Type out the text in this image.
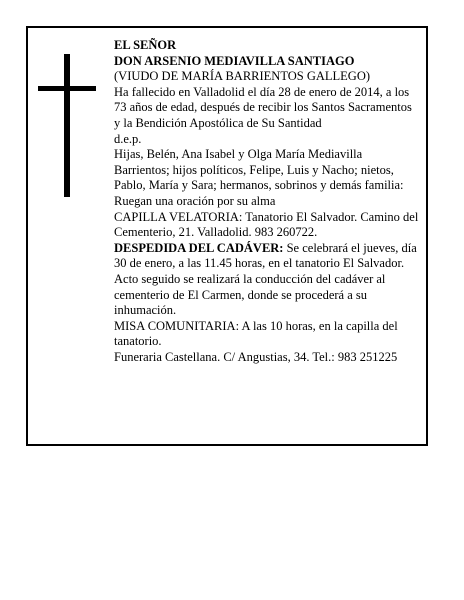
EL SEÑOR

DON ARSENIO MEDIAVILLA SANTIAGO

(VIUDO DE MARÍA BARRIENTOS GALLEGO)

Ha fallecido en Valladolid el día 28 de enero de 2014, a los 73 años de edad, después de recibir los Santos Sacramentos y la Bendición Apostólica de Su Santidad

d.e.p.

Hijas, Belén, Ana Isabel y Olga María Mediavilla Barrientos; hijos políticos, Felipe, Luis y Nacho; nietos, Pablo, María y Sara; hermanos, sobrinos y demás familia:

Ruegan una oración por su alma

CAPILLA VELATORIA: Tanatorio El Salvador. Camino del Cementerio, 21. Valladolid. 983 260722.

DESPEDIDA DEL CADÁVER: Se celebrará el jueves, día 30 de enero, a las 11.45 horas, en el tanatorio El Salvador. Acto seguido se realizará la conducción del cadáver al cementerio de El Carmen, donde se procederá a su inhumación.

MISA COMUNITARIA: A las 10 horas, en la capilla del tanatorio.

Funeraria Castellana. C/ Angustias, 34. Tel.: 983 251225
